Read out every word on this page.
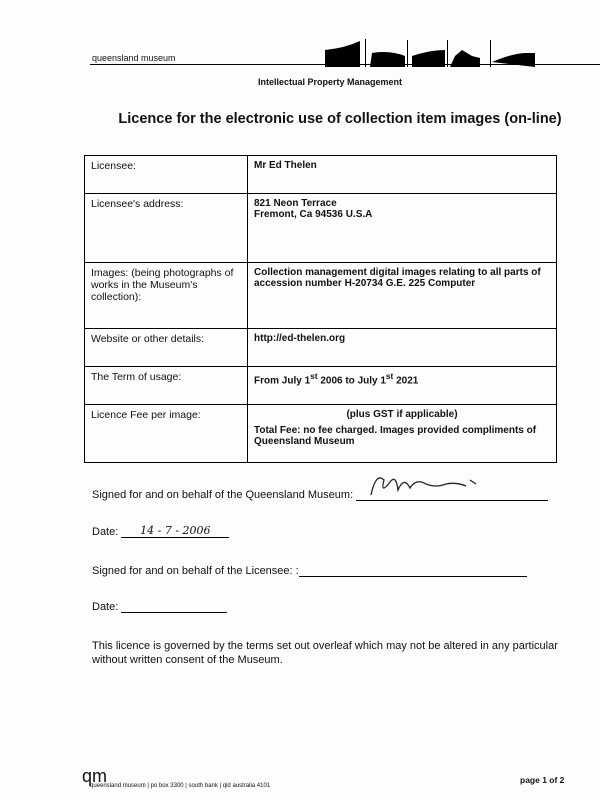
queensland museum
Intellectual Property Management
Licence for the electronic use of collection item images (on-line)
Licensee:	Mr Ed Thelen
Licensee's address:	821 Neon Terrace
Fremont, Ca 94536 U.S.A

Images: (being photographs of works in the Museum's collection):	Collection management digital images relating to all parts of accession number H-20734 G.E. 225 Computer
Website or other details:	http://ed-thelen.org
The Term of usage:	From July 1st 2006 to July 1st 2021
Licence Fee per image:	(plus GST if applicable)
Total Fee: no fee charged. Images provided compliments of Queensland Museum
Signed for and on behalf of the Queensland Museum:
Date: 14 - 7 - 2006
Signed for and on behalf of the Licensee: :
Date:
This licence is governed by the terms set out overleaf which may not be altered in any particular without written consent of the Museum.
qm
queensland museum | po box 3300 | south bank | qld australia 4101
page 1 of 2
